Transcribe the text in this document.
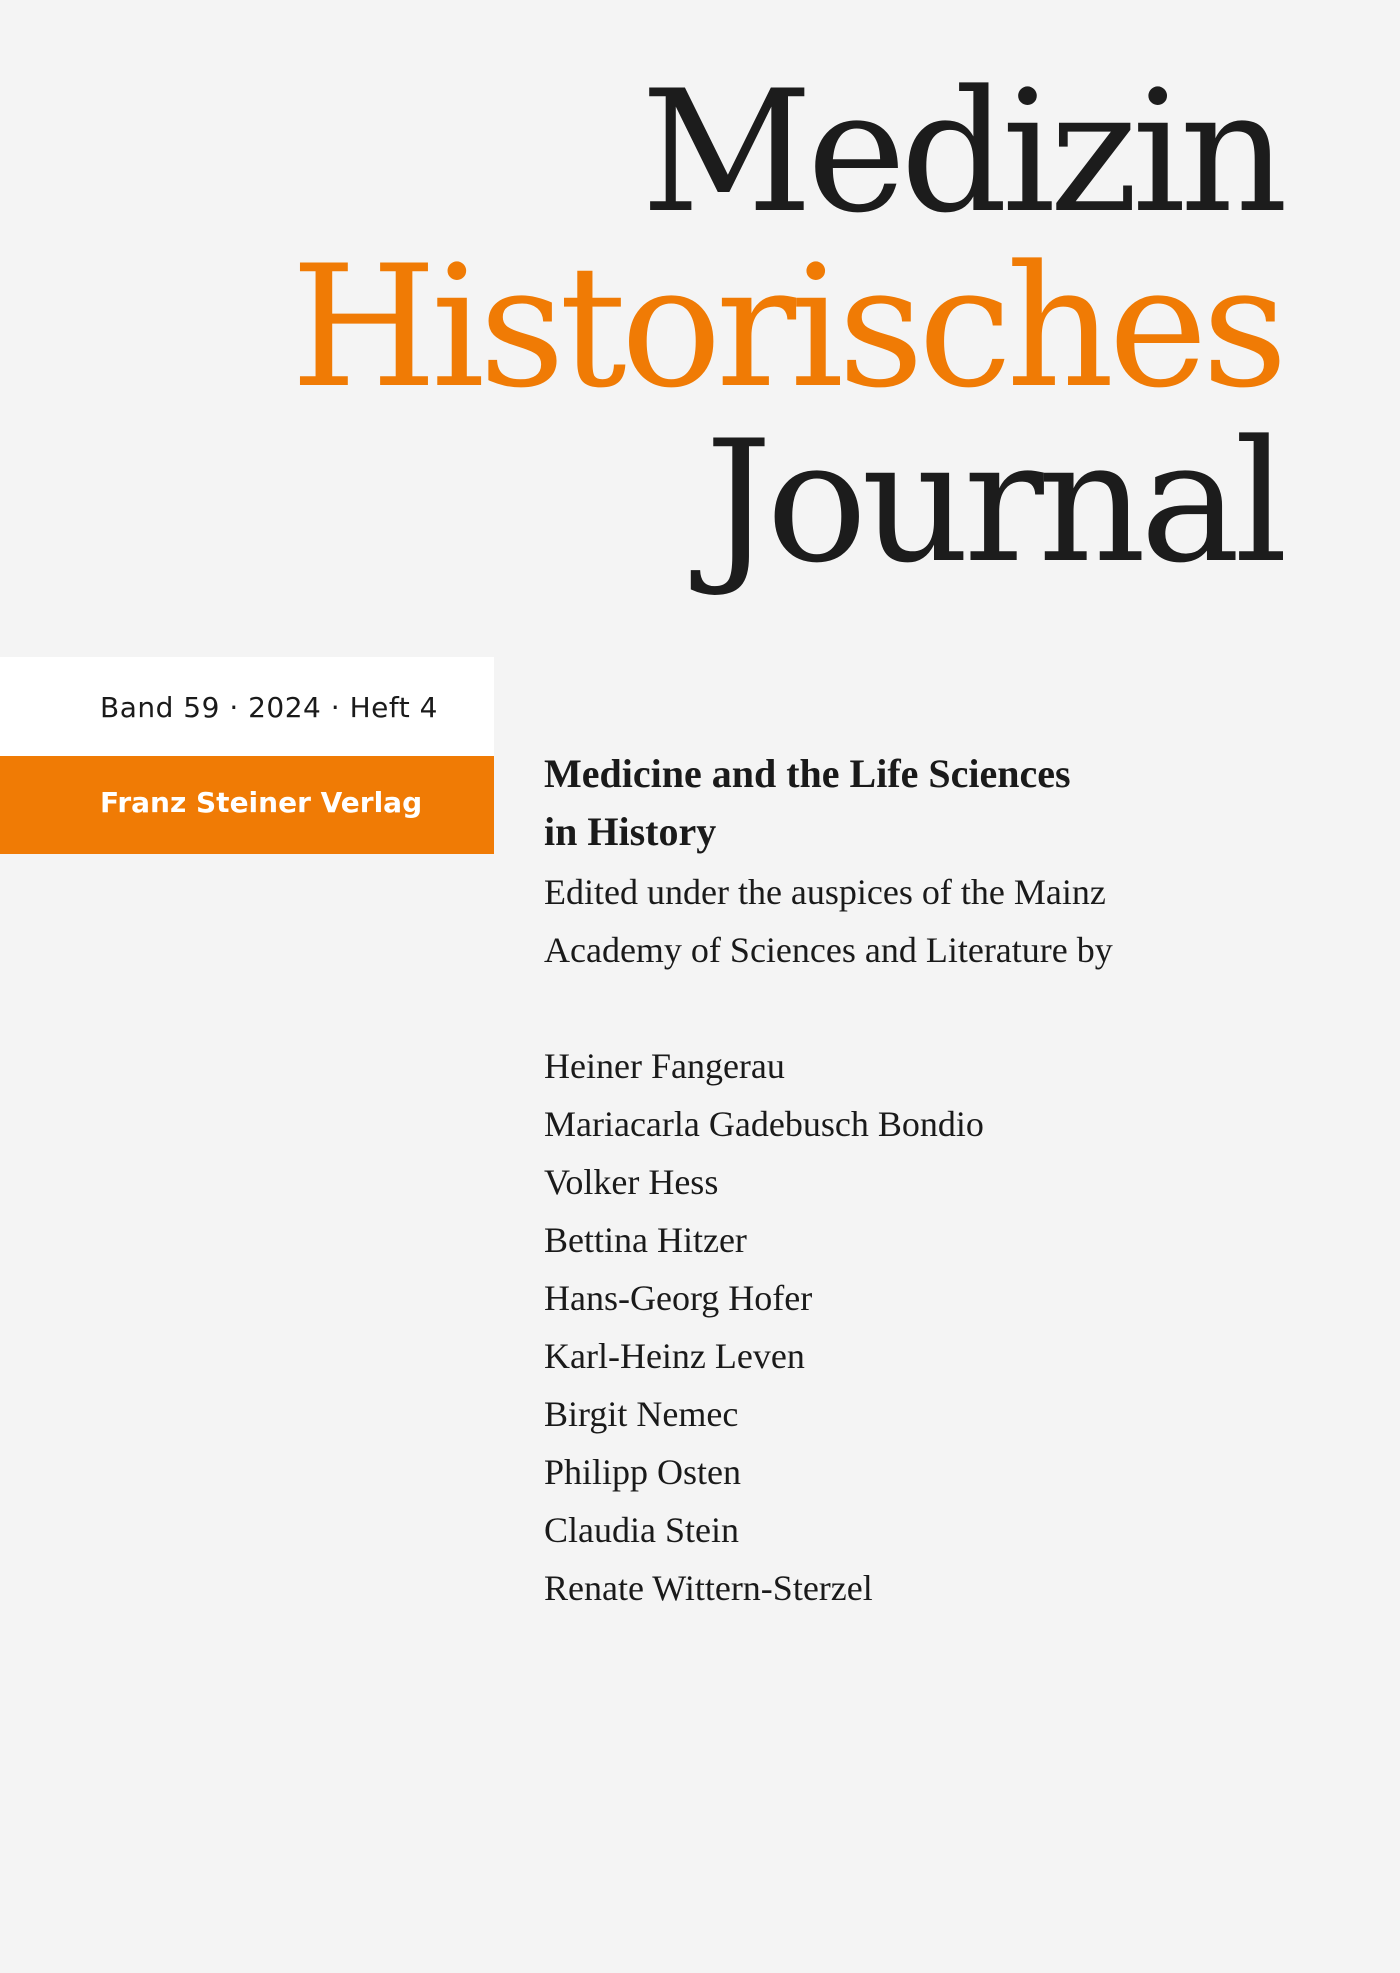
Medizin
Historisches
Journal
Band 59 · 2024 · Heft 4
Franz Steiner Verlag
Medicine and the Life Sciences
in History

Edited under the auspices of the Mainz
Academy of Sciences and Literature by

Heiner Fangerau
Mariacarla Gadebusch Bondio
Volker Hess
Bettina Hitzer
Hans-Georg Hofer
Karl-Heinz Leven
Birgit Nemec
Philipp Osten
Claudia Stein
Renate Wittern-Sterzel
